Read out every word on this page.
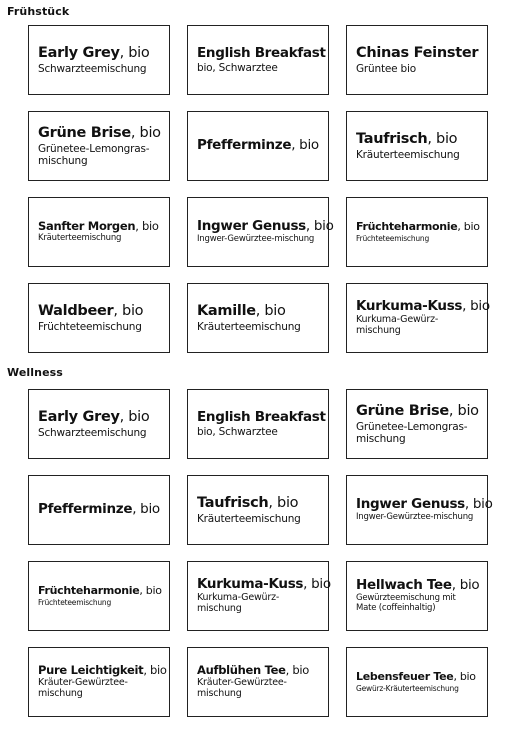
Frühstück
Early Grey, bio
Schwarzteemischung
English Breakfast
bio, Schwarztee
Chinas Feinster
Grüntee bio
Grüne Brise, bio
Grünetee-Lemongras-
mischung
Pfefferminze, bio	Taufrisch, bio
Kräuterteemischung
Sanfter Morgen, bio
Kräuterteemischung
Ingwer Genuss, bio
Ingwer-Gewürztee-mischung
Früchteharmonie, bio
Früchteteemischung
Waldbeer, bio
Früchteteemischung
Kamille, bio
Kräuterteemischung
Kurkuma-Kuss, bio
Kurkuma-Gewürz-
mischung
Wellness
Early Grey, bio
Schwarzteemischung
English Breakfast
bio, Schwarztee
Grüne Brise, bio
Grünetee-Lemongras-
mischung
Pfefferminze, bio	Taufrisch, bio
Kräuterteemischung
Ingwer Genuss, bio
Ingwer-Gewürztee-mischung
Früchteharmonie, bio
Früchteteemischung
Kurkuma-Kuss, bio
Kurkuma-Gewürz-
mischung
Hellwach Tee, bio
Gewürzteemischung mit
Mate (coffeinhaltig)
Pure Leichtigkeit, bio
Kräuter-Gewürztee-
mischung
Aufblühen Tee, bio
Kräuter-Gewürztee-
mischung
Lebensfeuer Tee, bio
Gewürz-Kräuterteemischung
